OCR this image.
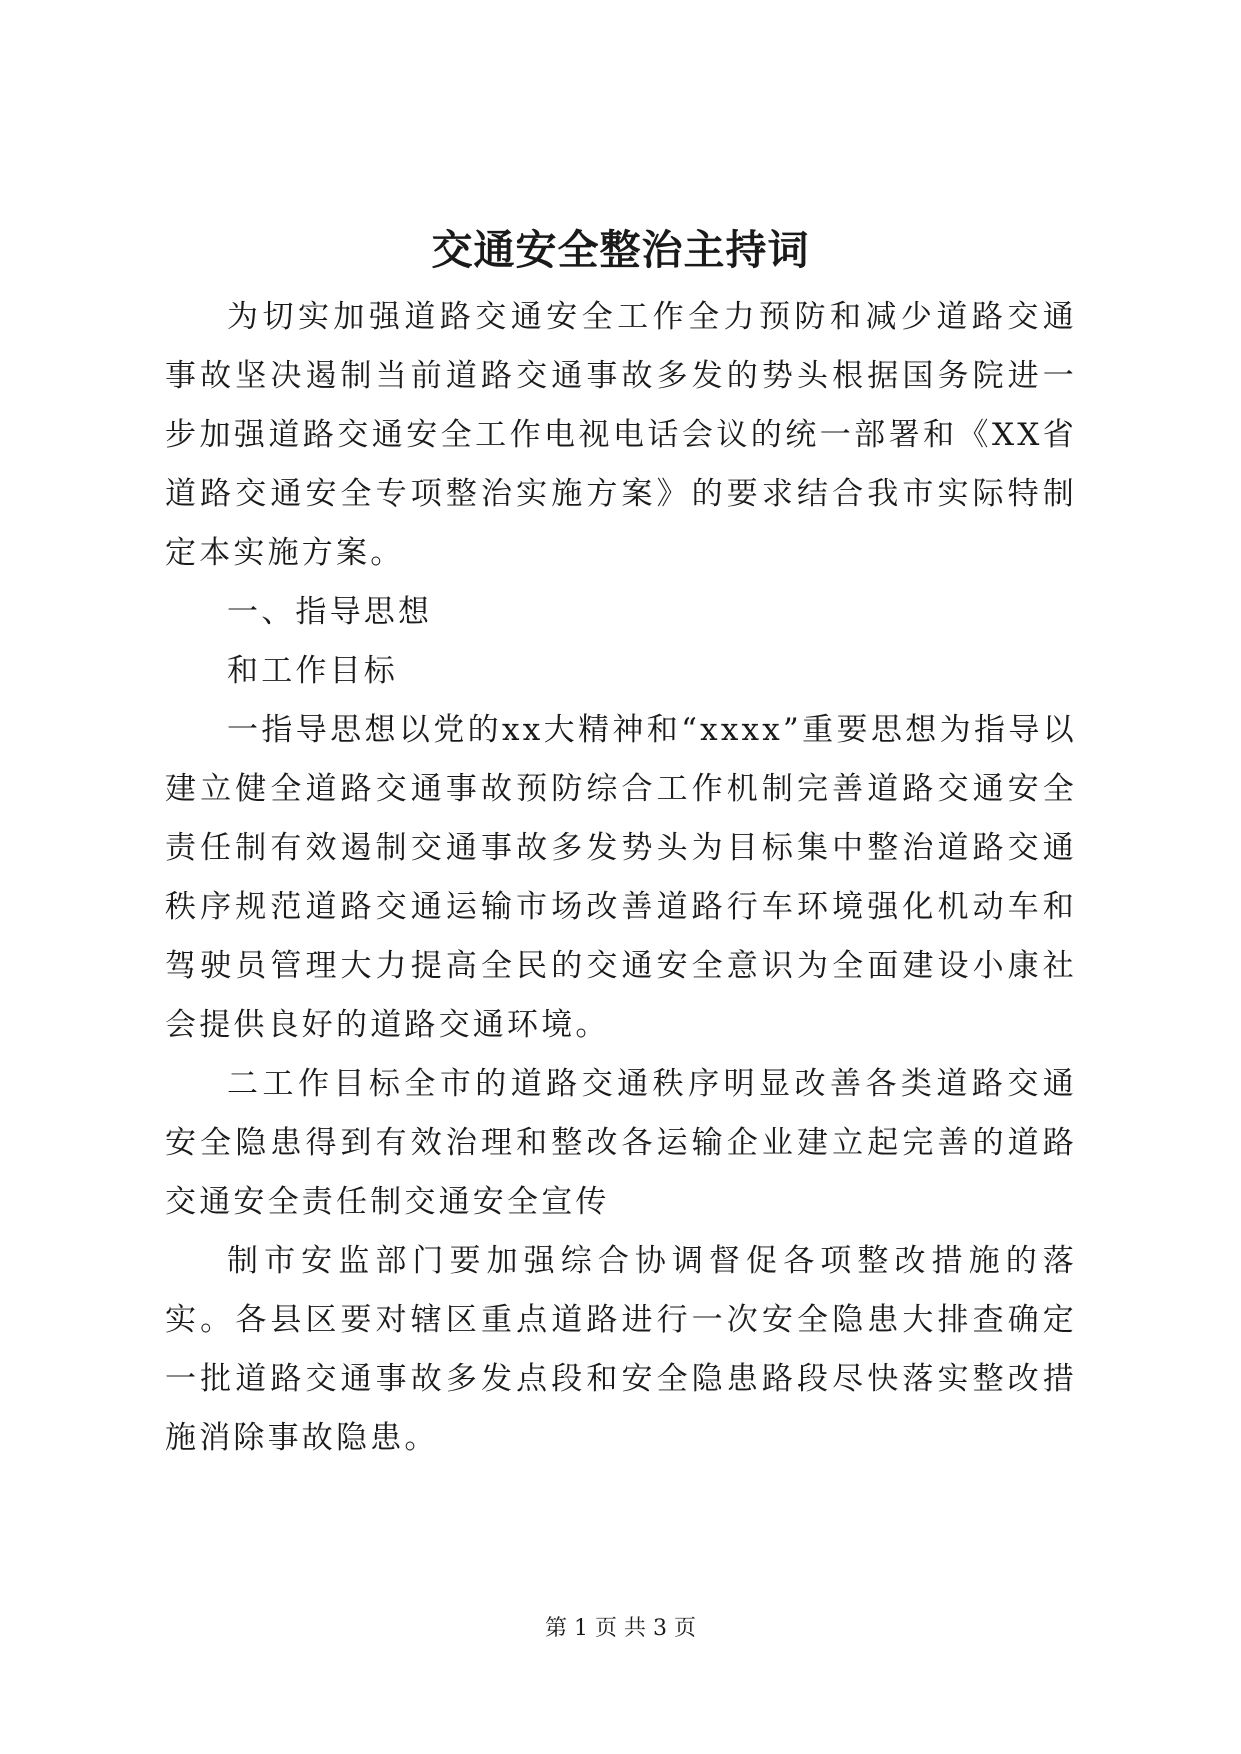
交通安全整治主持词

为切实加强道路交通安全工作全力预防和减少道路交通事故坚决遏制当前道路交通事故多发的势头根据国务院进一步加强道路交通安全工作电视电话会议的统一部署和《XX省道路交通安全专项整治实施方案》的要求结合我市实际特制定本实施方案。

一、指导思想

和工作目标

一指导思想以党的xx大精神和“xxxx”重要思想为指导以建立健全道路交通事故预防综合工作机制完善道路交通安全责任制有效遏制交通事故多发势头为目标集中整治道路交通秩序规范道路交通运输市场改善道路行车环境强化机动车和驾驶员管理大力提高全民的交通安全意识为全面建设小康社会提供良好的道路交通环境。

二工作目标全市的道路交通秩序明显改善各类道路交通安全隐患得到有效治理和整改各运输企业建立起完善的道路交通安全责任制交通安全宣传

制市安监部门要加强综合协调督促各项整改措施的落实。各县区要对辖区重点道路进行一次安全隐患大排查确定一批道路交通事故多发点段和安全隐患路段尽快落实整改措施消除事故隐患。

第 1 页 共 3 页
